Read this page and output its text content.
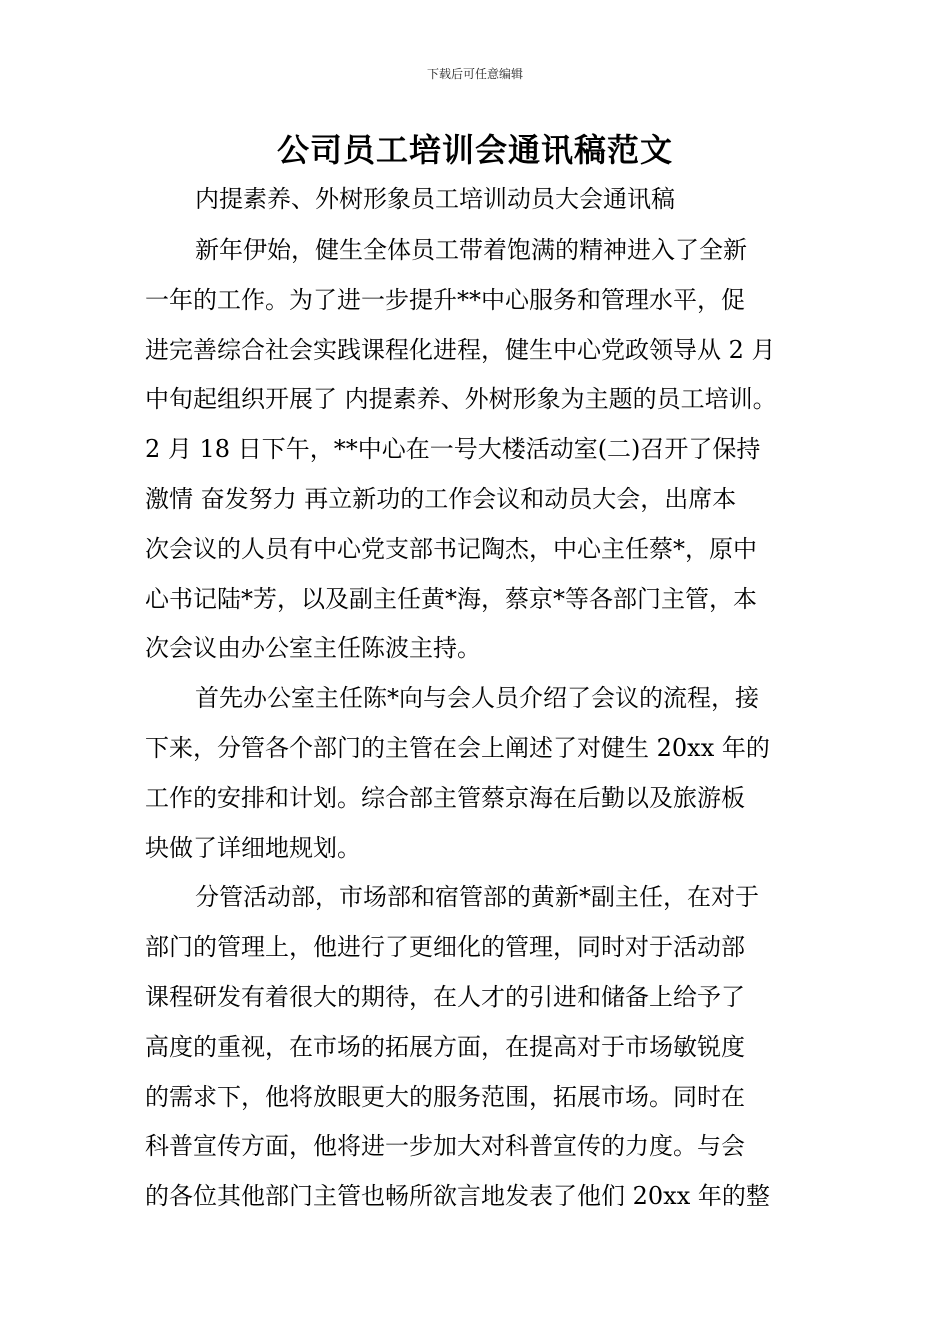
下载后可任意编辑
公司员工培训会通讯稿范文
内提素养、外树形象员工培训动员大会通讯稿
新年伊始，健生全体员工带着饱满的精神进入了全新
一年的工作。为了进一步提升**中心服务和管理水平，促
进完善综合社会实践课程化进程，健生中心党政领导从 2 月
中旬起组织开展了 内提素养、外树形象为主题的员工培训。
2 月 18 日下午，**中心在一号大楼活动室(二)召开了保持
激情 奋发努力 再立新功的工作会议和动员大会，出席本
次会议的人员有中心党支部书记陶杰，中心主任蔡*，原中
心书记陆*芳，以及副主任黄*海，蔡京*等各部门主管，本
次会议由办公室主任陈波主持。
首先办公室主任陈*向与会人员介绍了会议的流程，接
下来，分管各个部门的主管在会上阐述了对健生 20xx 年的
工作的安排和计划。综合部主管蔡京海在后勤以及旅游板
块做了详细地规划。
分管活动部，市场部和宿管部的黄新*副主任，在对于
部门的管理上，他进行了更细化的管理，同时对于活动部
课程研发有着很大的期待，在人才的引进和储备上给予了
高度的重视，在市场的拓展方面，在提高对于市场敏锐度
的需求下，他将放眼更大的服务范围，拓展市场。同时在
科普宣传方面，他将进一步加大对科普宣传的力度。与会
的各位其他部门主管也畅所欲言地发表了他们 20xx 年的整
